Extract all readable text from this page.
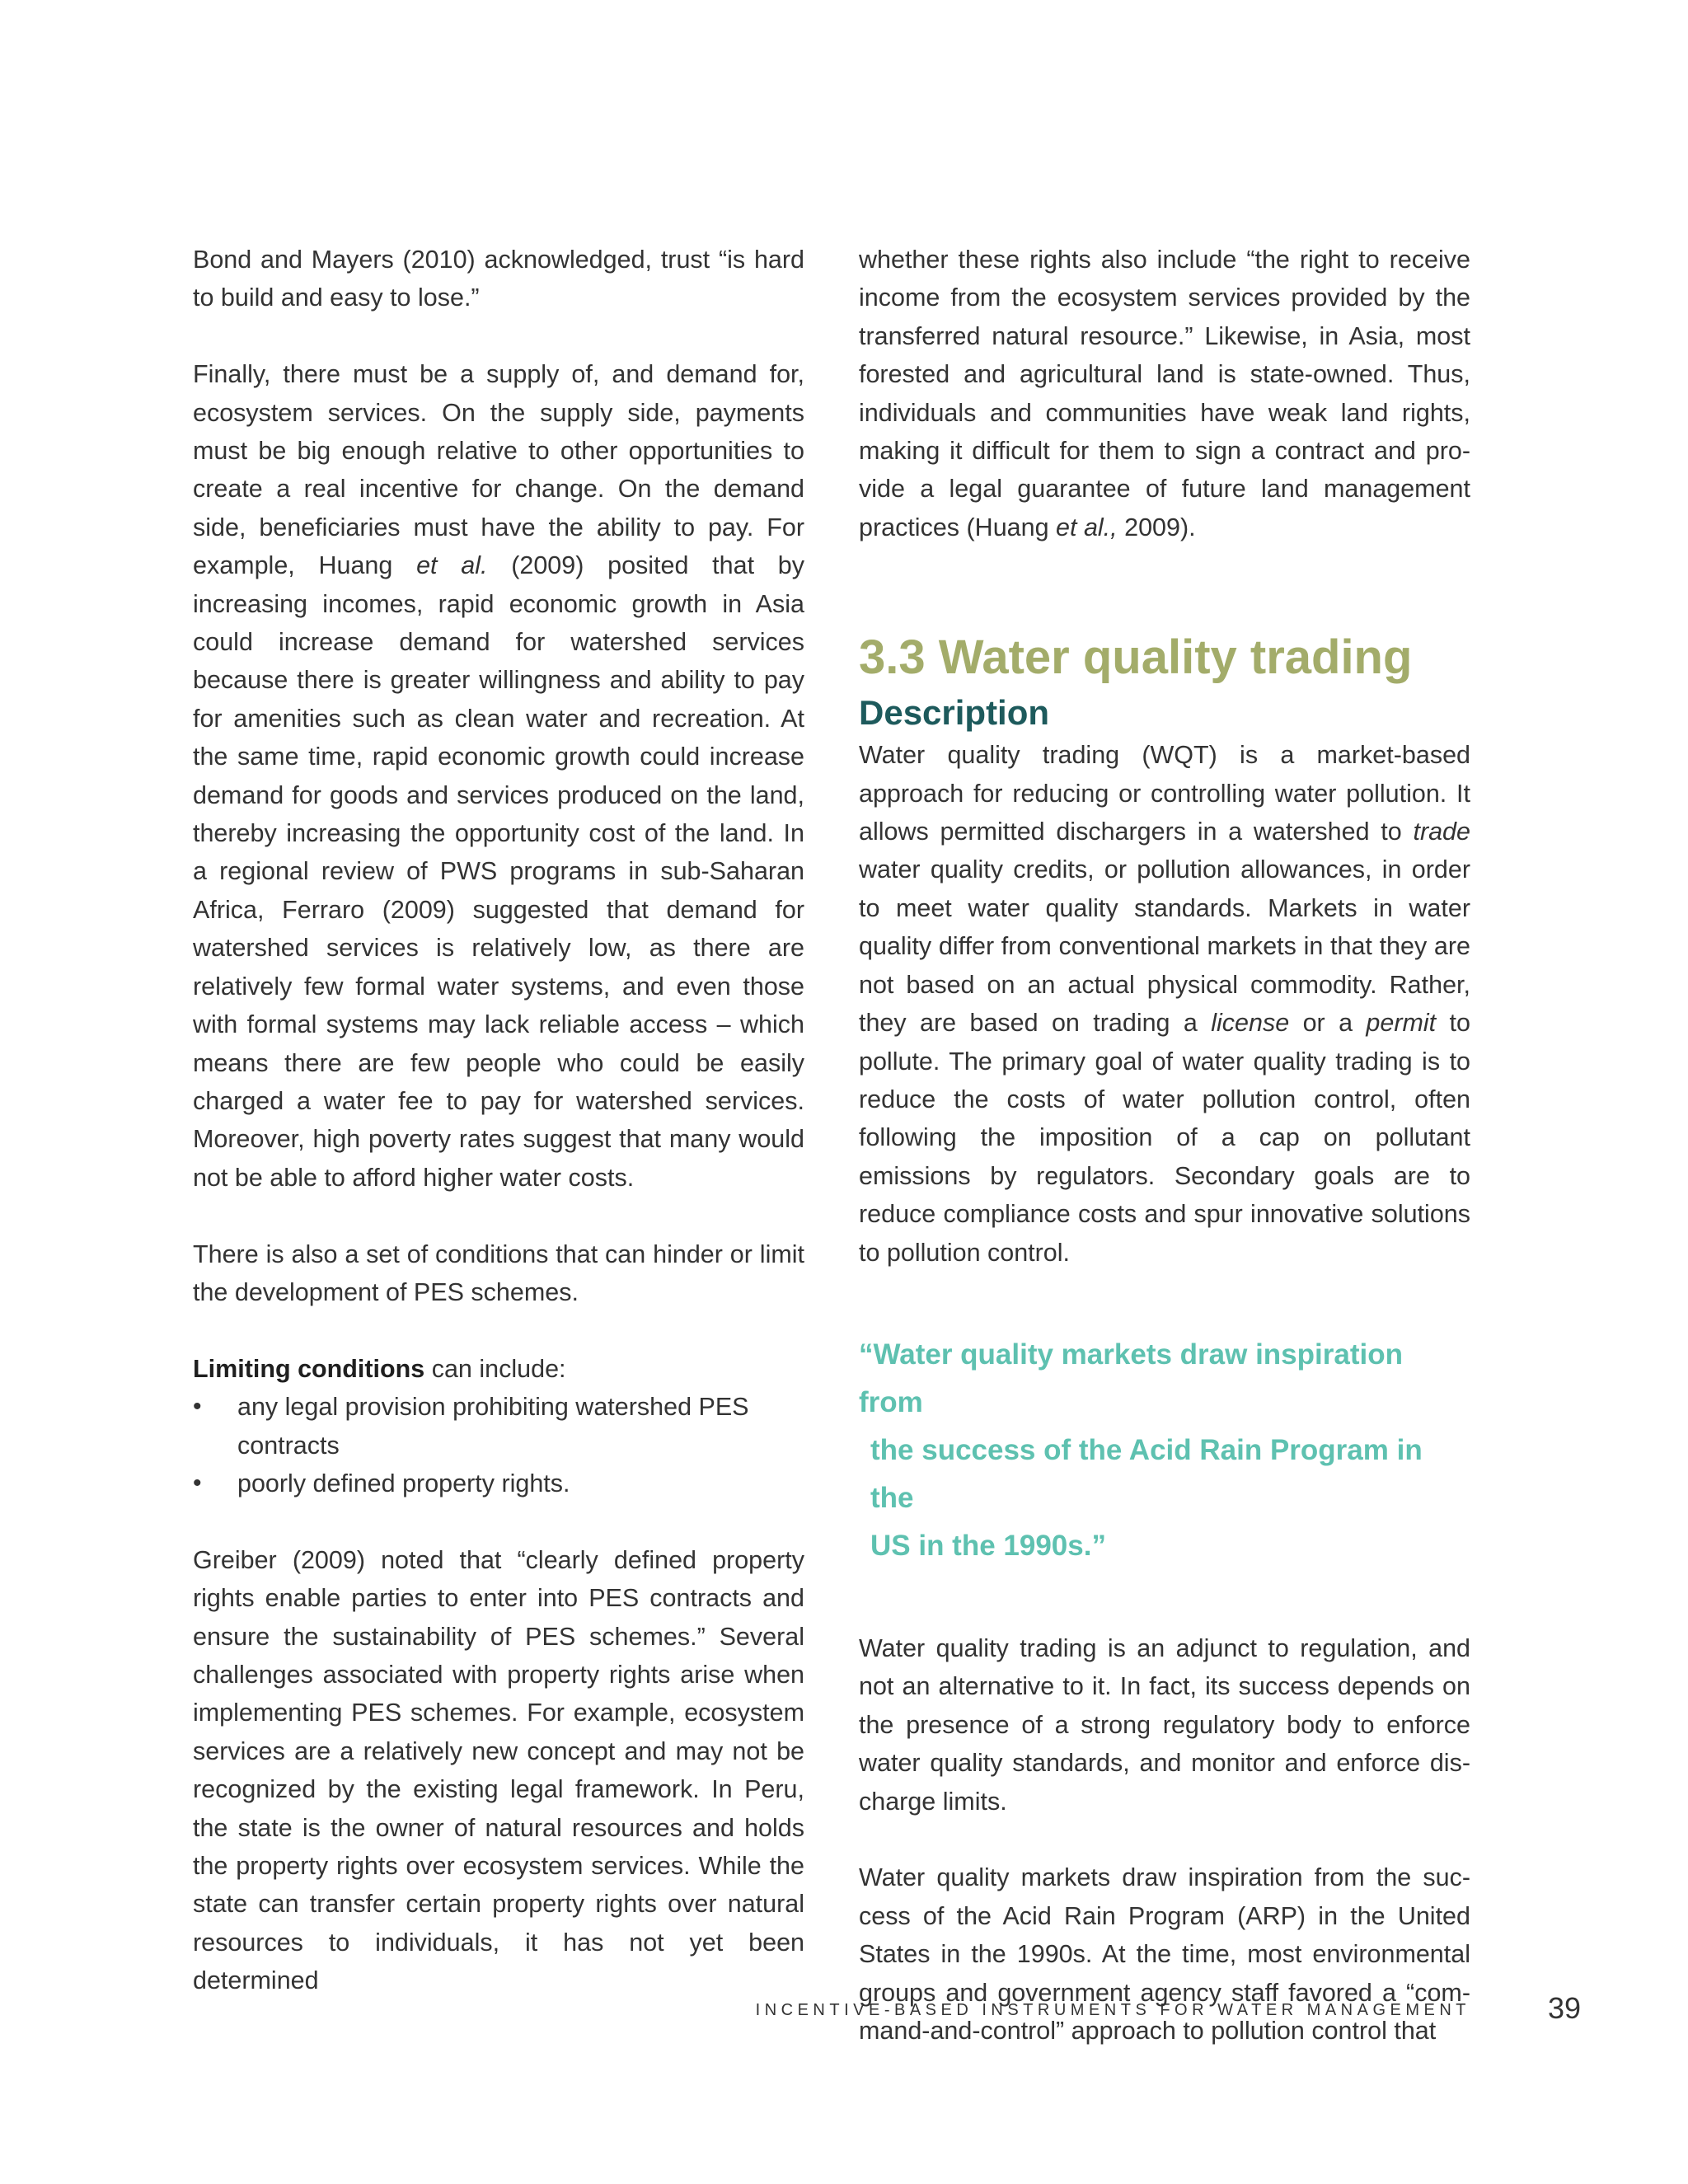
Bond and Mayers (2010) acknowledged, trust “is hard to build and easy to lose.”

Finally, there must be a supply of, and demand for, ecosystem services. On the supply side, payments must be big enough relative to other opportunities to create a real incentive for change. On the demand side, beneficiaries must have the ability to pay. For example, Huang et al. (2009) posited that by increasing incomes, rapid economic growth in Asia could increase demand for watershed services because there is greater willingness and ability to pay for amenities such as clean water and recreation. At the same time, rapid economic growth could increase demand for goods and services produced on the land, thereby increasing the opportunity cost of the land. In a regional review of PWS programs in sub-Saharan Africa, Ferraro (2009) suggested that demand for watershed services is relatively low, as there are relatively few formal water systems, and even those with formal systems may lack reliable access – which means there are few people who could be easily charged a water fee to pay for watershed services. Moreover, high poverty rates suggest that many would not be able to afford higher water costs.

There is also a set of conditions that can hinder or limit the development of PES schemes.

Limiting conditions can include:

• any legal provision prohibiting watershed PES contracts
• poorly defined property rights.

Greiber (2009) noted that “clearly defined property rights enable parties to enter into PES contracts and ensure the sustainability of PES schemes.” Several challenges associated with property rights arise when implementing PES schemes. For example, ecosystem services are a relatively new concept and may not be recognized by the existing legal framework. In Peru, the state is the owner of natural resources and holds the property rights over ecosystem services. While the state can transfer certain property rights over natural resources to individuals, it has not yet been determined

whether these rights also include “the right to receive income from the ecosystem services provided by the transferred natural resource.” Likewise, in Asia, most forested and agricultural land is state-owned. Thus, individuals and communities have weak land rights, making it difficult for them to sign a contract and provide a legal guarantee of future land management practices (Huang et al., 2009).

3.3 Water quality trading
Description

Water quality trading (WQT) is a market-based approach for reducing or controlling water pollution. It allows permitted dischargers in a watershed to trade water quality credits, or pollution allowances, in order to meet water quality standards. Markets in water quality differ from conventional markets in that they are not based on an actual physical commodity. Rather, they are based on trading a license or a permit to pollute. The primary goal of water quality trading is to reduce the costs of water pollution control, often following the imposition of a cap on pollutant emissions by regulators. Secondary goals are to reduce compliance costs and spur innovative solutions to pollution control.

“Water quality markets draw inspiration from
the success of the Acid Rain Program in the
US in the 1990s.”

Water quality trading is an adjunct to regulation, and not an alternative to it. In fact, its success depends on the presence of a strong regulatory body to enforce water quality standards, and monitor and enforce discharge limits.

Water quality markets draw inspiration from the success of the Acid Rain Program (ARP) in the United States in the 1990s. At the time, most environmental groups and government agency staff favored a “command-and-control” approach to pollution control that

INCENTIVE-BASED INSTRUMENTS FOR WATER MANAGEMENT	39
